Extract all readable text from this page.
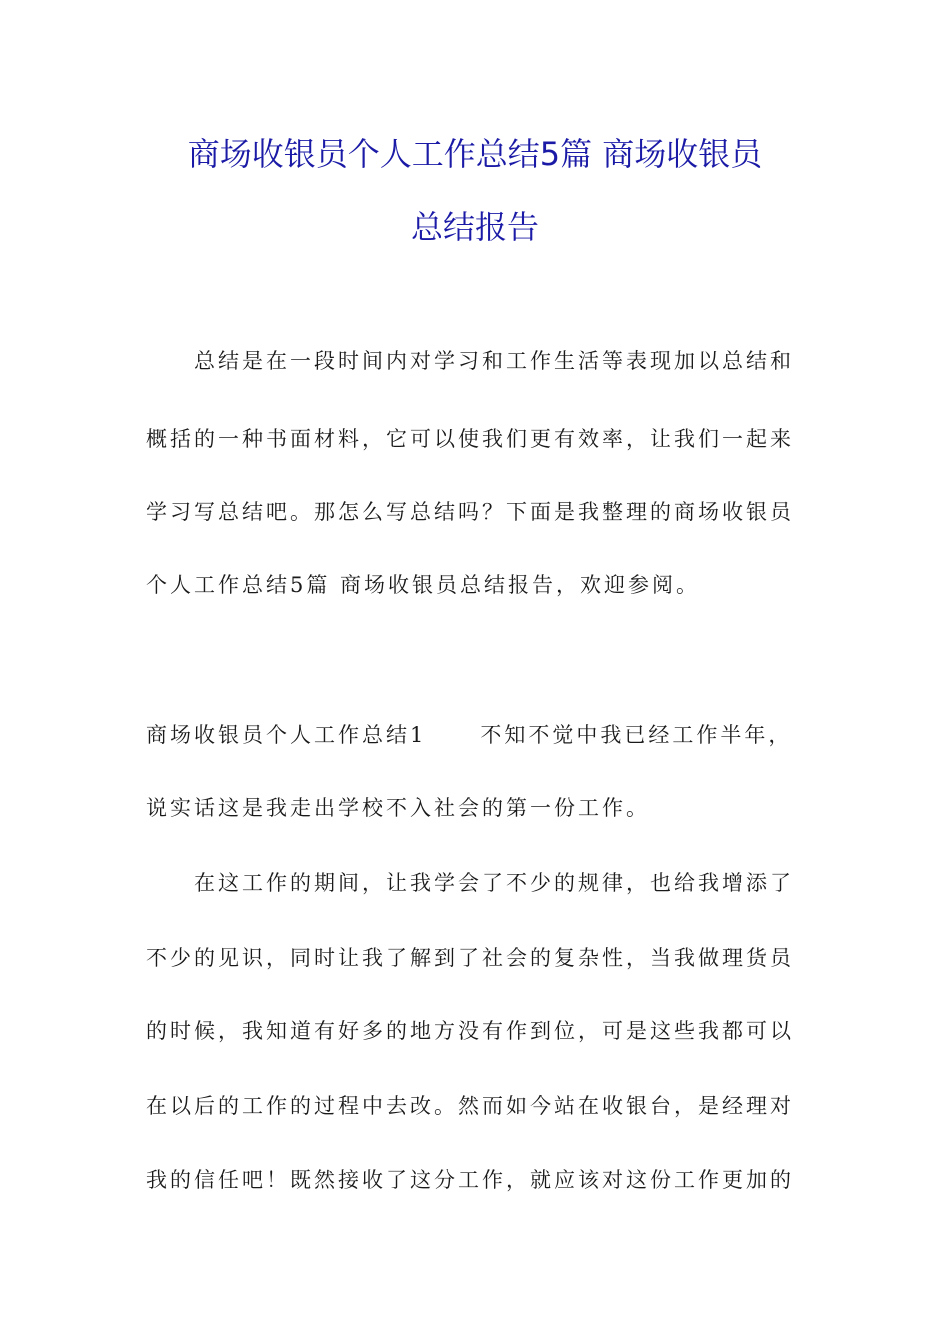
商场收银员个人工作总结5篇 商场收银员
总结报告
总结是在一段时间内对学习和工作生活等表现加以总结和
概括的一种书面材料，它可以使我们更有效率，让我们一起来
学习写总结吧。那怎么写总结吗？下面是我整理的商场收银员
个人工作总结5篇 商场收银员总结报告，欢迎参阅。
商场收银员个人工作总结1	不知不觉中我已经工作半年，
说实话这是我走出学校不入社会的第一份工作。
在这工作的期间，让我学会了不少的规律，也给我增添了
不少的见识，同时让我了解到了社会的复杂性，当我做理货员
的时候，我知道有好多的地方没有作到位，可是这些我都可以
在以后的工作的过程中去改。然而如今站在收银台，是经理对
我的信任吧！既然接收了这分工作，就应该对这份工作更加的
